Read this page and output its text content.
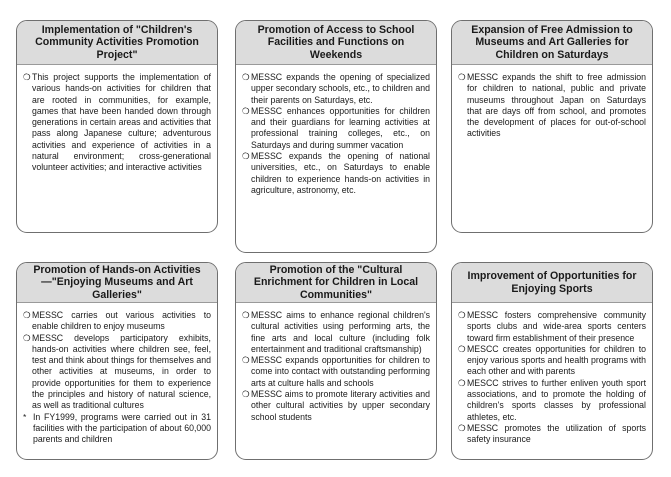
Implementation of "Children's Community Activities Promotion Project"
❍ This project supports the implementation of various hands-on activities for children that are rooted in communities, for example, games that have been handed down through generations in certain areas and activities that pass along Japanese culture; adventurous activities and experience of activities in a natural environment; cross-generational volunteer activities; and interactive activities
Promotion of Access to School Facilities and Functions on Weekends
❍ MESSC expands the opening of specialized upper secondary schools, etc., to children and their parents on Saturdays, etc.
❍ MESSC enhances opportunities for children and their guardians for learning activities at professional training colleges, etc., on Saturdays and during summer vacation
❍ MESSC expands the opening of national universities, etc., on Saturdays to enable children to experience hands-on activities in agriculture, astronomy, etc.
Expansion of Free Admission to Museums and Art Galleries for Children on Saturdays
❍ MESSC expands the shift to free admission for children to national, public and private museums throughout Japan on Saturdays that are days off from school, and promotes the development of places for out-of-school activities
Promotion of Hands-on Activities—"Enjoying Museums and Art Galleries"
❍ MESSC carries out various activities to enable children to enjoy museums
❍ MESSC develops participatory exhibits, hands-on activities where children see, feel, test and think about things for themselves and other activities at museums, in order to provide opportunities for them to experience the principles and history of natural science, as well as traditional cultures
* In FY1999, programs were carried out in 31 facilities with the participation of about 60,000 parents and children
Promotion of the "Cultural Enrichment for Children in Local Communities"
❍ MESSC aims to enhance regional children's cultural activities using performing arts, the fine arts and local culture (including folk entertainment and traditional craftsmanship)
❍ MESSC expands opportunities for children to come into contact with outstanding performing arts at culture halls and schools
❍ MESSC aims to promote literary activities and other cultural activities by upper secondary school students
Improvement of Opportunities for Enjoying Sports
❍ MESSC fosters comprehensive community sports clubs and wide-area sports centers toward firm establishment of their presence
❍ MESCC creates opportunities for children to enjoy various sports and health programs with each other and with parents
❍ MESCC strives to further enliven youth sport associations, and to promote the holding of children's sports classes by professional athletes, etc.
❍ MESSC promotes the utilization of sports safety insurance
